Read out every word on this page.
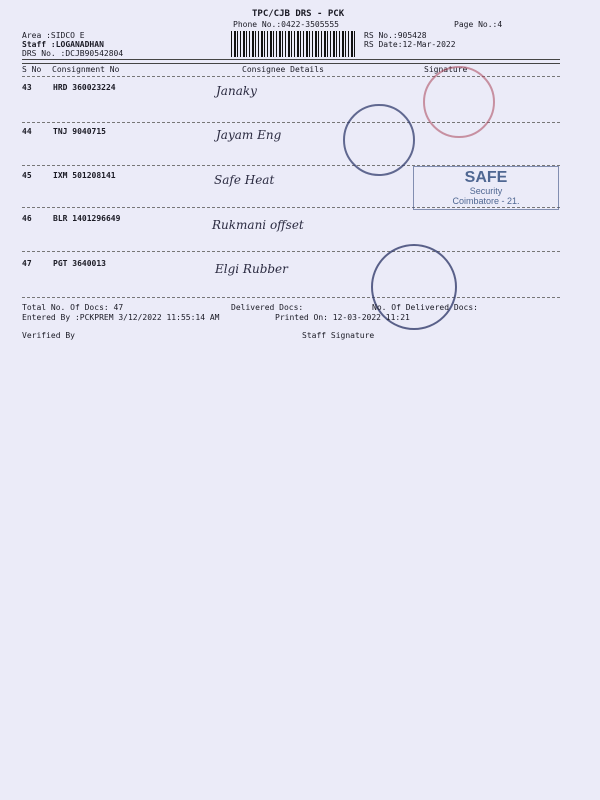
TPC/CJB DRS - PCK
Phone No.:0422-3505555	Page No.:4
Area :SIDCO E
Staff :LOGANADHAN
DRS No. :DCJB90542804
RS No.:905428
RS Date:12-Mar-2022
S No Consignment No	Consignee Details	Signature
43	HRD 360023224	Janaky
44	TNJ 9040715	Jayam Eng
45	IXM 501208141	Safe Heat
46	BLR 1401296649	Rukmani offset
47	PGT 3640013	Elgi Rubber
SAFE
Security
Coimbatore - 21.
Total No. Of Docs: 47	Delivered Docs:	No. Of Delivered Docs:
Entered By :PCKPREM 3/12/2022 11:55:14 AM	Printed On: 12-03-2022 11:21
Verified By	Staff Signature
